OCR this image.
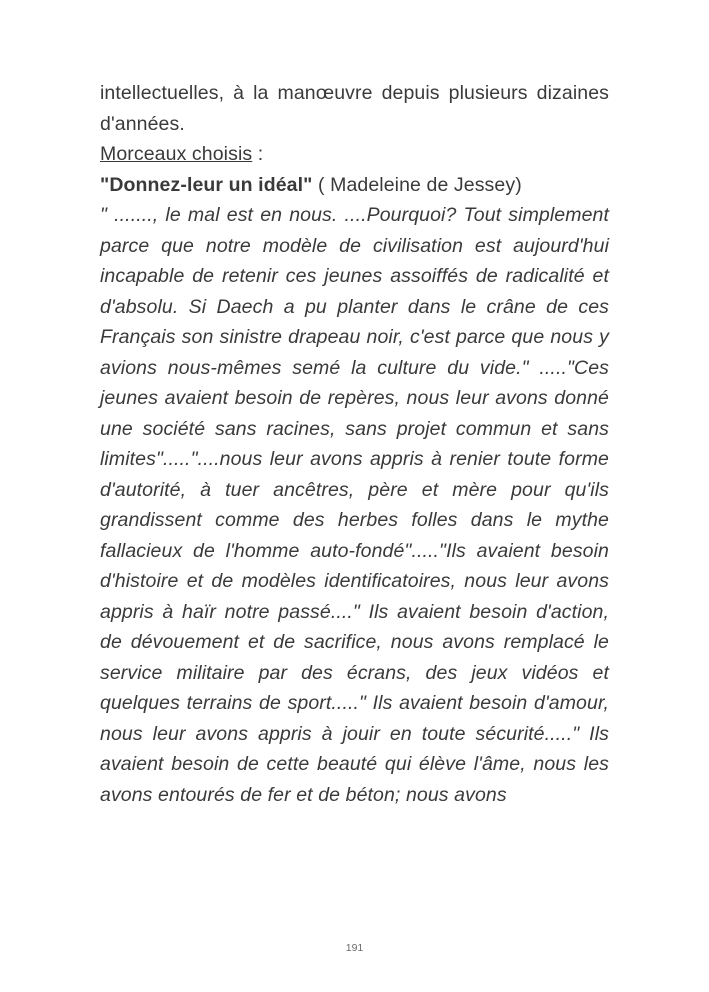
intellectuelles, à la manœuvre depuis plusieurs dizaines d'années.

Morceaux choisis :

"Donnez-leur un idéal" ( Madeleine de Jessey)

" ......., le mal est en nous. ....Pourquoi? Tout simplement parce que notre modèle de civilisation est aujourd'hui incapable de retenir ces jeunes assoiffés de radicalité et d'absolu. Si Daech a pu planter dans le crâne de ces Français son sinistre drapeau noir, c'est parce que nous y avions nous-mêmes semé la culture du vide." ....."Ces jeunes avaient besoin de repères, nous leur avons donné une société sans racines, sans projet commun et sans limites"....."....nous leur avons appris à renier toute forme d'autorité, à tuer ancêtres, père et mère pour qu'ils grandissent comme des herbes folles dans le mythe fallacieux de l'homme auto-fondé"....."Ils avaient besoin d'histoire et de modèles identificatoires, nous leur avons appris à haïr notre passé...." Ils avaient besoin d'action, de dévouement et de sacrifice, nous avons remplacé le service militaire par des écrans, des jeux vidéos et quelques terrains de sport....." Ils avaient besoin d'amour, nous leur avons appris à jouir en toute sécurité....." Ils avaient besoin de cette beauté qui élève l'âme, nous les avons entourés de fer et de béton; nous avons

191
